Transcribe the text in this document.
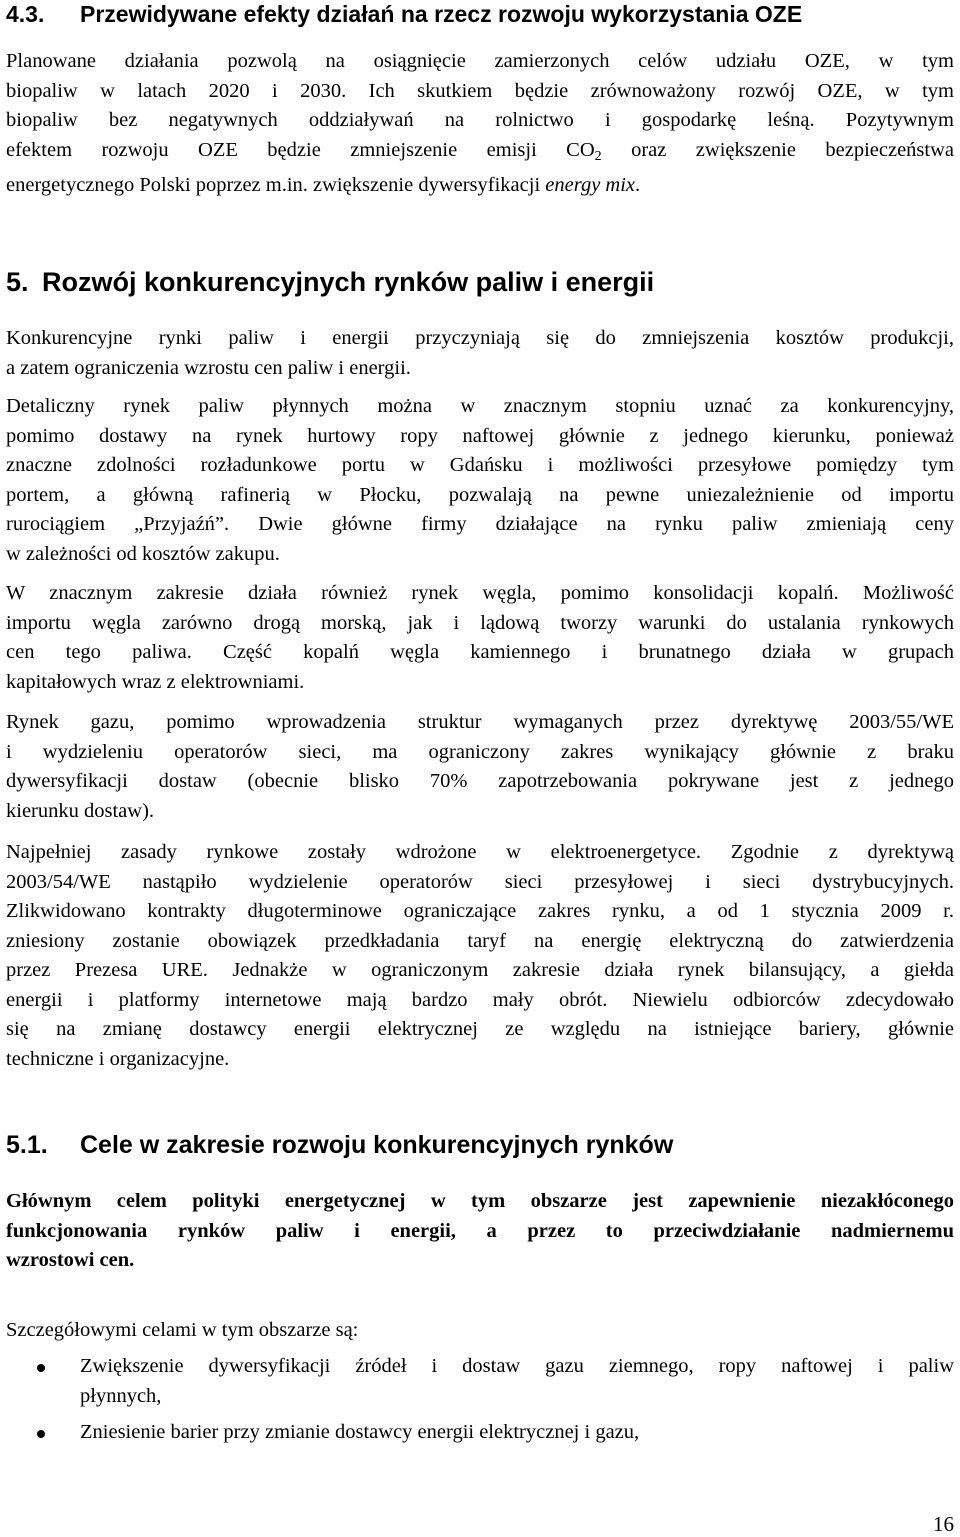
4.3. Przewidywane efekty działań na rzecz rozwoju wykorzystania OZE
Planowane działania pozwolą na osiągnięcie zamierzonych celów udziału OZE, w tym
biopaliw w latach 2020 i 2030. Ich skutkiem będzie zrównoważony rozwój OZE, w tym
biopaliw bez negatywnych oddziaływań na rolnictwo i gospodarkę leśną. Pozytywnym
efektem rozwoju OZE będzie zmniejszenie emisji $CO_2$ oraz zwiększenie bezpieczeństwa
energetycznego Polski poprzez m.in. zwiększenie dywersyfikacji energy mix.
5. Rozwój konkurencyjnych rynków paliw i energii
Konkurencyjne rynki paliw i energii przyczyniają się do zmniejszenia kosztów produkcji,
a zatem ograniczenia wzrostu cen paliw i energii.
Detaliczny rynek paliw płynnych można w znacznym stopniu uznać za konkurencyjny,
pomimo dostawy na rynek hurtowy ropy naftowej głównie z jednego kierunku, ponieważ
znaczne zdolności rozładunkowe portu w Gdańsku i możliwości przesyłowe pomiędzy tym
portem, a główną rafinerią w Płocku, pozwalają na pewne uniezależnienie od importu
rurociągiem „Przyjaźń”. Dwie główne firmy działające na rynku paliw zmieniają ceny
w zależności od kosztów zakupu.
W znacznym zakresie działa również rynek węgla, pomimo konsolidacji kopalń. Możliwość
importu węgla zarówno drogą morską, jak i lądową tworzy warunki do ustalania rynkowych
cen tego paliwa. Część kopalń węgla kamiennego i brunatnego działa w grupach
kapitałowych wraz z elektrowniami.
Rynek gazu, pomimo wprowadzenia struktur wymaganych przez dyrektywę 2003/55/WE
i wydzieleniu operatorów sieci, ma ograniczony zakres wynikający głównie z braku
dywersyfikacji dostaw (obecnie blisko 70% zapotrzebowania pokrywane jest z jednego
kierunku dostaw).
Najpełniej zasady rynkowe zostały wdrożone w elektroenergetyce. Zgodnie z dyrektywą
2003/54/WE nastąpiło wydzielenie operatorów sieci przesyłowej i sieci dystrybucyjnych.
Zlikwidowano kontrakty długoterminowe ograniczające zakres rynku, a od 1 stycznia 2009 r.
zniesiony zostanie obowiązek przedkładania taryf na energię elektryczną do zatwierdzenia
przez Prezesa URE. Jednakże w ograniczonym zakresie działa rynek bilansujący, a giełda
energii i platformy internetowe mają bardzo mały obrót. Niewielu odbiorców zdecydowało
się na zmianę dostawcy energii elektrycznej ze względu na istniejące bariery, głównie
techniczne i organizacyjne.
5.1. Cele w zakresie rozwoju konkurencyjnych rynków
Głównym celem polityki energetycznej w tym obszarze jest zapewnienie niezakłóconego
funkcjonowania rynków paliw i energii, a przez to przeciwdziałanie nadmiernemu
wzrostowi cen.
Szczegółowymi celami w tym obszarze są:
Zwiększenie dywersyfikacji źródeł i dostaw gazu ziemnego, ropy naftowej i paliw
płynnych,
Zniesienie barier przy zmianie dostawcy energii elektrycznej i gazu,
16
